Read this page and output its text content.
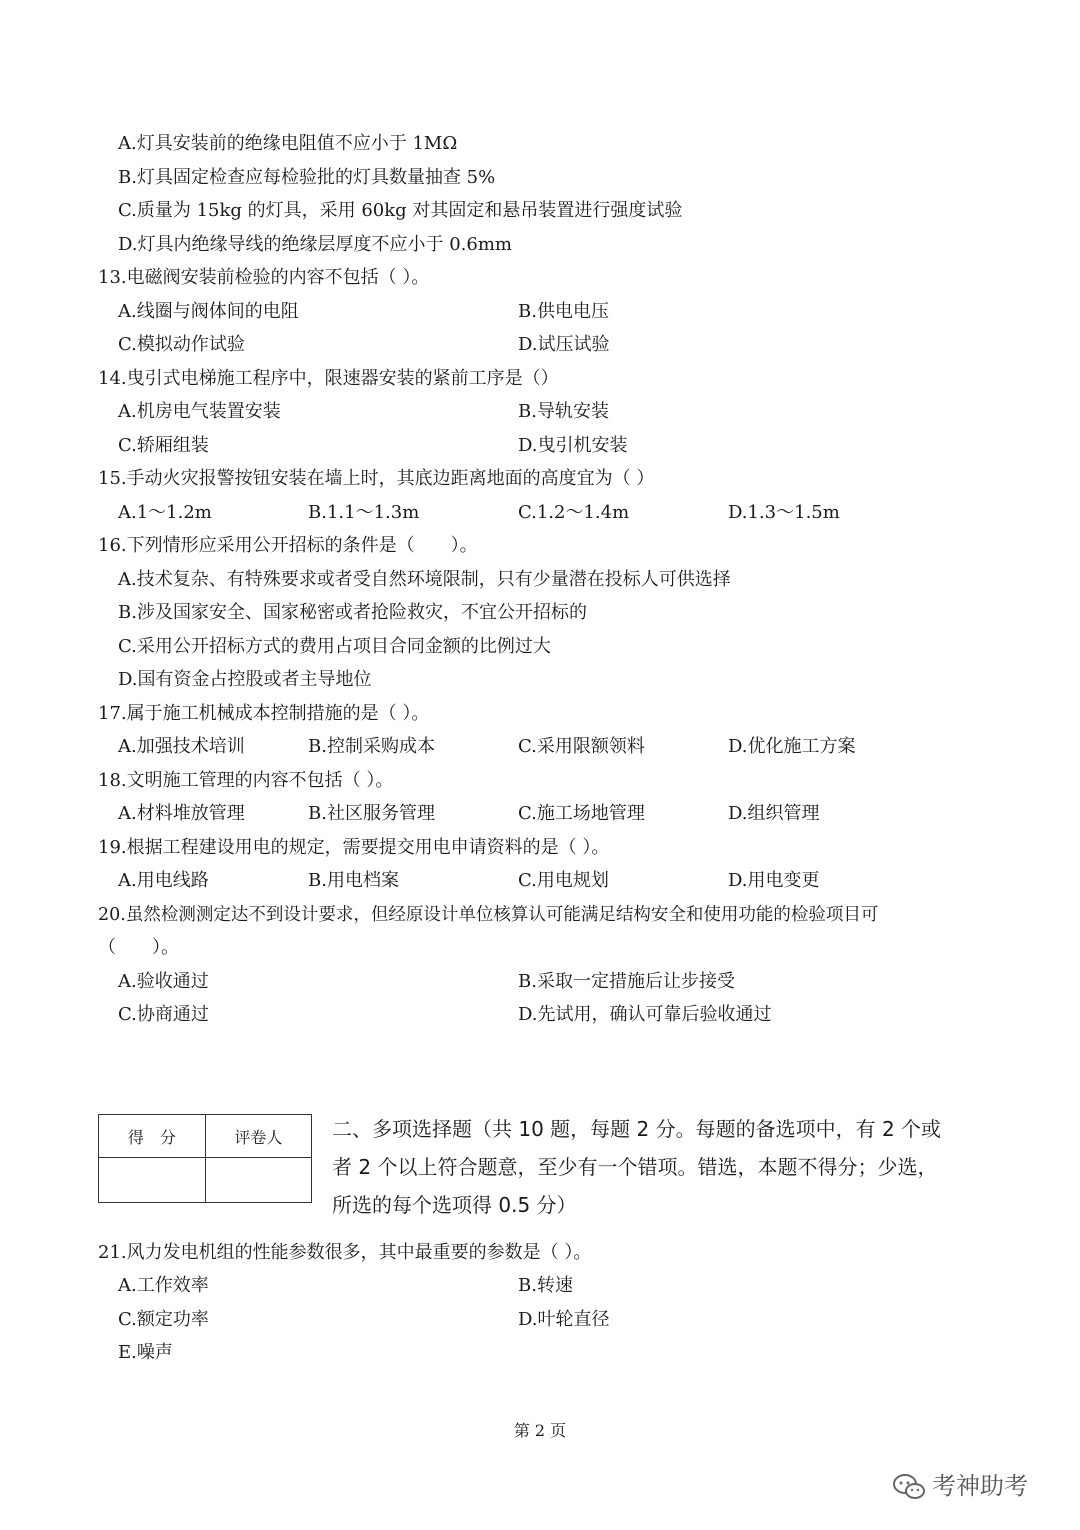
A.灯具安装前的绝缘电阻值不应小于 1MΩ
B.灯具固定检查应每检验批的灯具数量抽查 5%
C.质量为 15kg 的灯具，采用 60kg 对其固定和悬吊装置进行强度试验
D.灯具内绝缘导线的绝缘层厚度不应小于 0.6mm
13.电磁阀安装前检验的内容不包括（ ）。
A.线圈与阀体间的电阻	B.供电电压
C.模拟动作试验	D.试压试验
14.曳引式电梯施工程序中，限速器安装的紧前工序是（）
A.机房电气装置安装	B.导轨安装
C.轿厢组装	D.曳引机安装
15.手动火灾报警按钮安装在墙上时，其底边距离地面的高度宜为（ ）
A.1～1.2m	B.1.1～1.3m	C.1.2～1.4m	D.1.3～1.5m
16.下列情形应采用公开招标的条件是（　　）。
A.技术复杂、有特殊要求或者受自然环境限制，只有少量潜在投标人可供选择
B.涉及国家安全、国家秘密或者抢险救灾，不宜公开招标的
C.采用公开招标方式的费用占项目合同金额的比例过大
D.国有资金占控股或者主导地位
17.属于施工机械成本控制措施的是（ ）。
A.加强技术培训	B.控制采购成本	C.采用限额领料	D.优化施工方案
18.文明施工管理的内容不包括（ ）。
A.材料堆放管理	B.社区服务管理	C.施工场地管理	D.组织管理
19.根据工程建设用电的规定，需要提交用电申请资料的是（ ）。
A.用电线路	B.用电档案	C.用电规划	D.用电变更
20.虽然检测测定达不到设计要求，但经原设计单位核算认可能满足结构安全和使用功能的检验项目可
（　　）。
A.验收通过	B.采取一定措施后让步接受
C.协商通过	D.先试用，确认可靠后验收通过
得　分	评卷人
	二、多项选择题（共 10 题，每题 2 分。每题的备选项中，有 2 个或
者 2 个以上符合题意，至少有一个错项。错选，本题不得分；少选，
所选的每个选项得 0.5 分）
21.风力发电机组的性能参数很多，其中最重要的参数是（ ）。
A.工作效率	B.转速
C.额定功率	D.叶轮直径
E.噪声
第 2 页
考神助考
